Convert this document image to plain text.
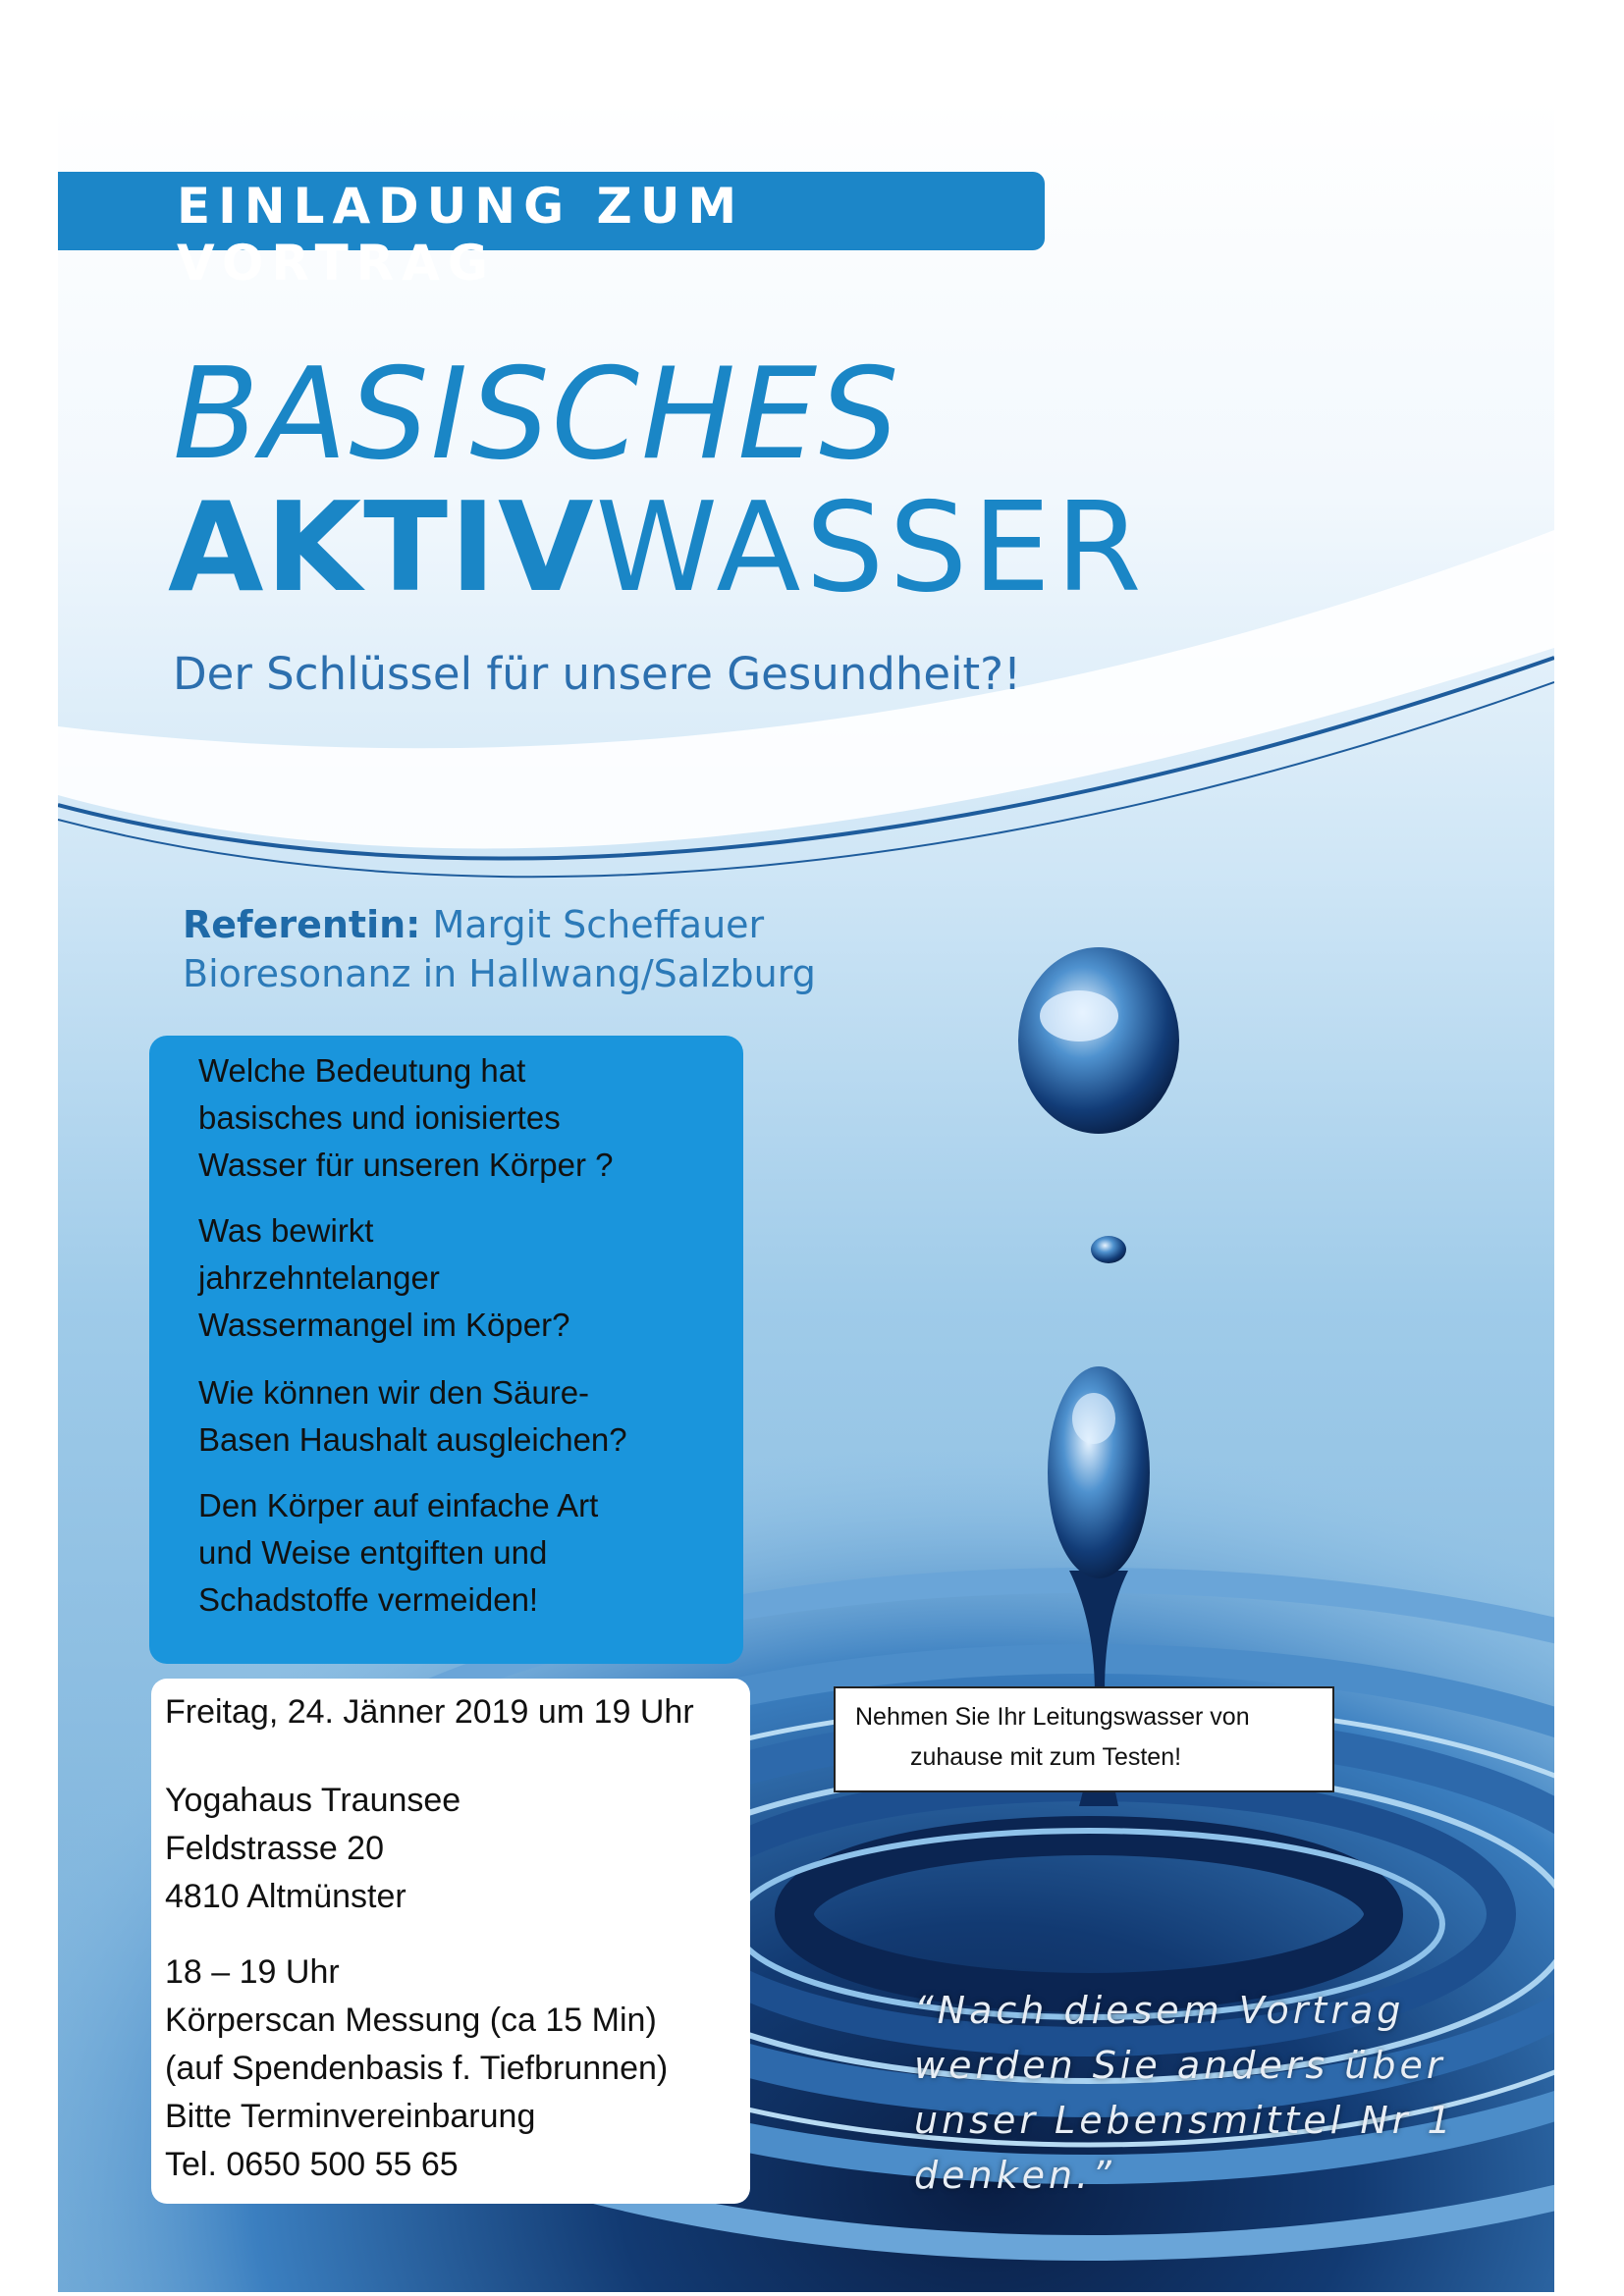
EINLADUNG ZUM VORTRAG
BASISCHES
AKTIVWASSER
Der Schlüssel für unsere Gesundheit?!
Referentin: Margit Scheffauer
Bioresonanz in Hallwang/Salzburg
Welche Bedeutung hat
basisches und ionisiertes
Wasser für unseren Körper ?
Was bewirkt
jahrzehntelanger
Wassermangel im Köper?
Wie können wir den Säure-
Basen Haushalt ausgleichen?
Den Körper auf einfache Art
und Weise entgiften und
Schadstoffe vermeiden!
Freitag, 24. Jänner 2019 um 19 Uhr
Yogahaus Traunsee
Feldstrasse 20
4810 Altmünster
18 – 19 Uhr
Körperscan Messung (ca 15 Min)
(auf Spendenbasis f. Tiefbrunnen)
Bitte Terminvereinbarung
Tel. 0650 500 55 65
Nehmen Sie Ihr Leitungswasser von
zuhause mit zum Testen!
“Nach diesem Vortrag
werden Sie anders über
unser Lebensmittel Nr 1
denken.”
